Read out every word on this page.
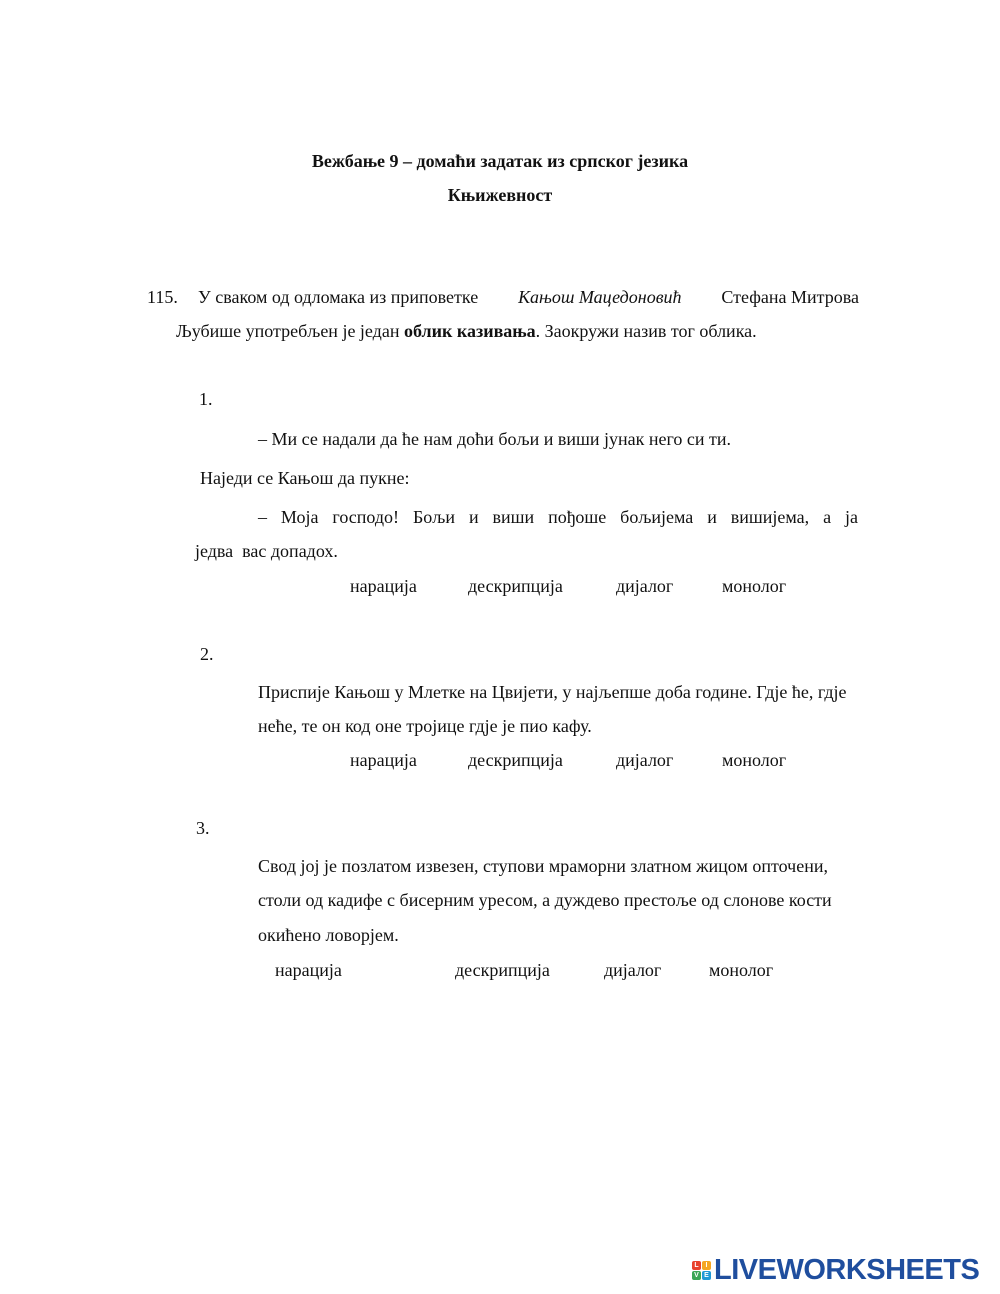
Вежбање 9 – домаћи задатак из српског језика
Књижевност
115. У сваком од одломака из приповетке Кањош Мацедоновић Стефана Митрова
Љубише употребљен је један облик казивања. Заокружи назив тог облика.
1.
– Ми се надали да ће нам доћи бољи и виши јунак него си ти.
Наједи се Кањош да пукне:
– Моја господо! Бољи и виши пођоше бољијема и вишијема, а ја
једва  вас допадох.
нарација	дескрипција	дијалог	монолог
2.
Приспије Кањош у Млетке на Цвијети, у најљепше доба године. Гдје ће, гдје
неће, те он код оне тројице гдје је пио кафу.
нарација	дескрипција	дијалог	монолог
3.
Свод јој је позлатом извезен, ступови мраморни златном жицом опточени,
столи од кадифе с бисерним уресом, а дуждево престоље од слонове кости
окићено ловорјем.
нарација	дескрипција	дијалог	монолог
L I
V E LIVEWORKSHEETS
